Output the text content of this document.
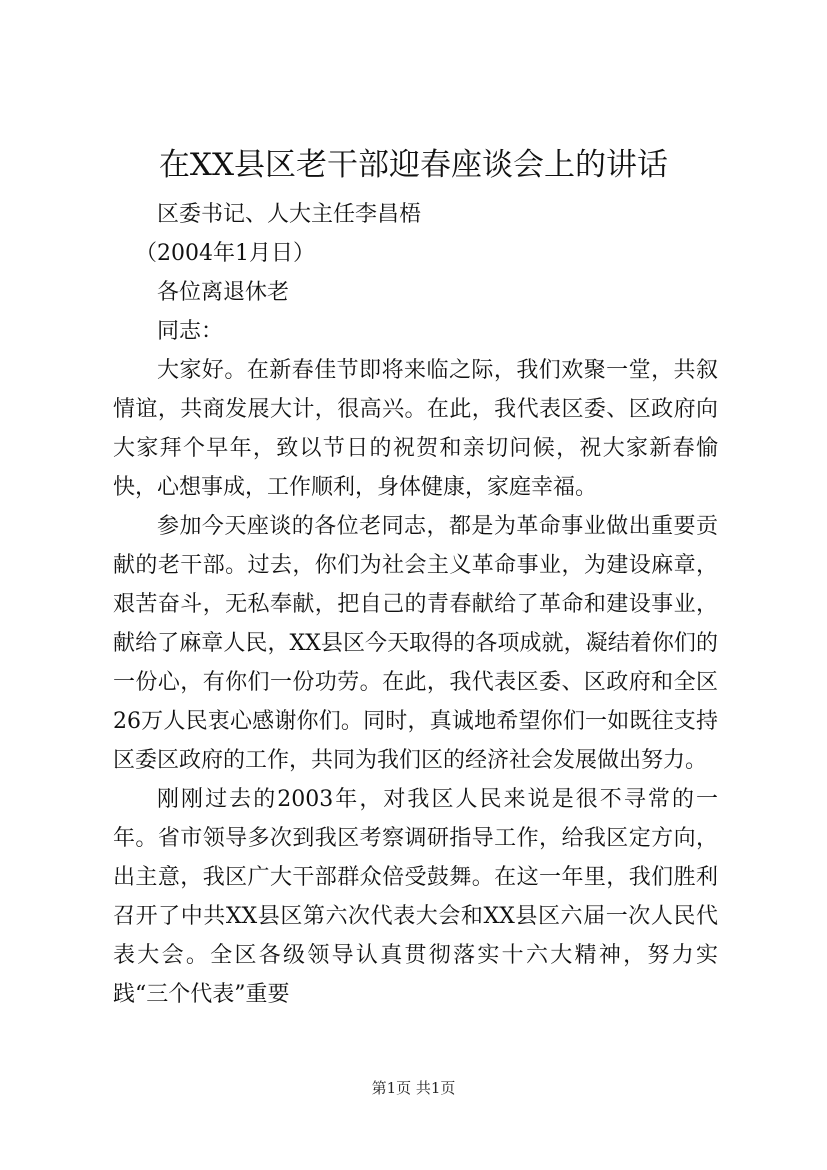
在XX县区老干部迎春座谈会上的讲话

区委书记、人大主任李昌梧

（2004年1月日）

各位离退休老

同志：

大家好。在新春佳节即将来临之际，我们欢聚一堂，共叙情谊，共商发展大计，很高兴。在此，我代表区委、区政府向大家拜个早年，致以节日的祝贺和亲切问候，祝大家新春愉快，心想事成，工作顺利，身体健康，家庭幸福。

参加今天座谈的各位老同志，都是为革命事业做出重要贡献的老干部。过去，你们为社会主义革命事业，为建设麻章，艰苦奋斗，无私奉献，把自己的青春献给了革命和建设事业，献给了麻章人民，XX县区今天取得的各项成就，凝结着你们的一份心，有你们一份功劳。在此，我代表区委、区政府和全区26万人民衷心感谢你们。同时，真诚地希望你们一如既往支持区委区政府的工作，共同为我们区的经济社会发展做出努力。

刚刚过去的2003年，对我区人民来说是很不寻常的一年。省市领导多次到我区考察调研指导工作，给我区定方向，出主意，我区广大干部群众倍受鼓舞。在这一年里，我们胜利召开了中共XX县区第六次代表大会和XX县区六届一次人民代表大会。全区各级领导认真贯彻落实十六大精神，努力实践“三个代表”重要

第1页 共1页
